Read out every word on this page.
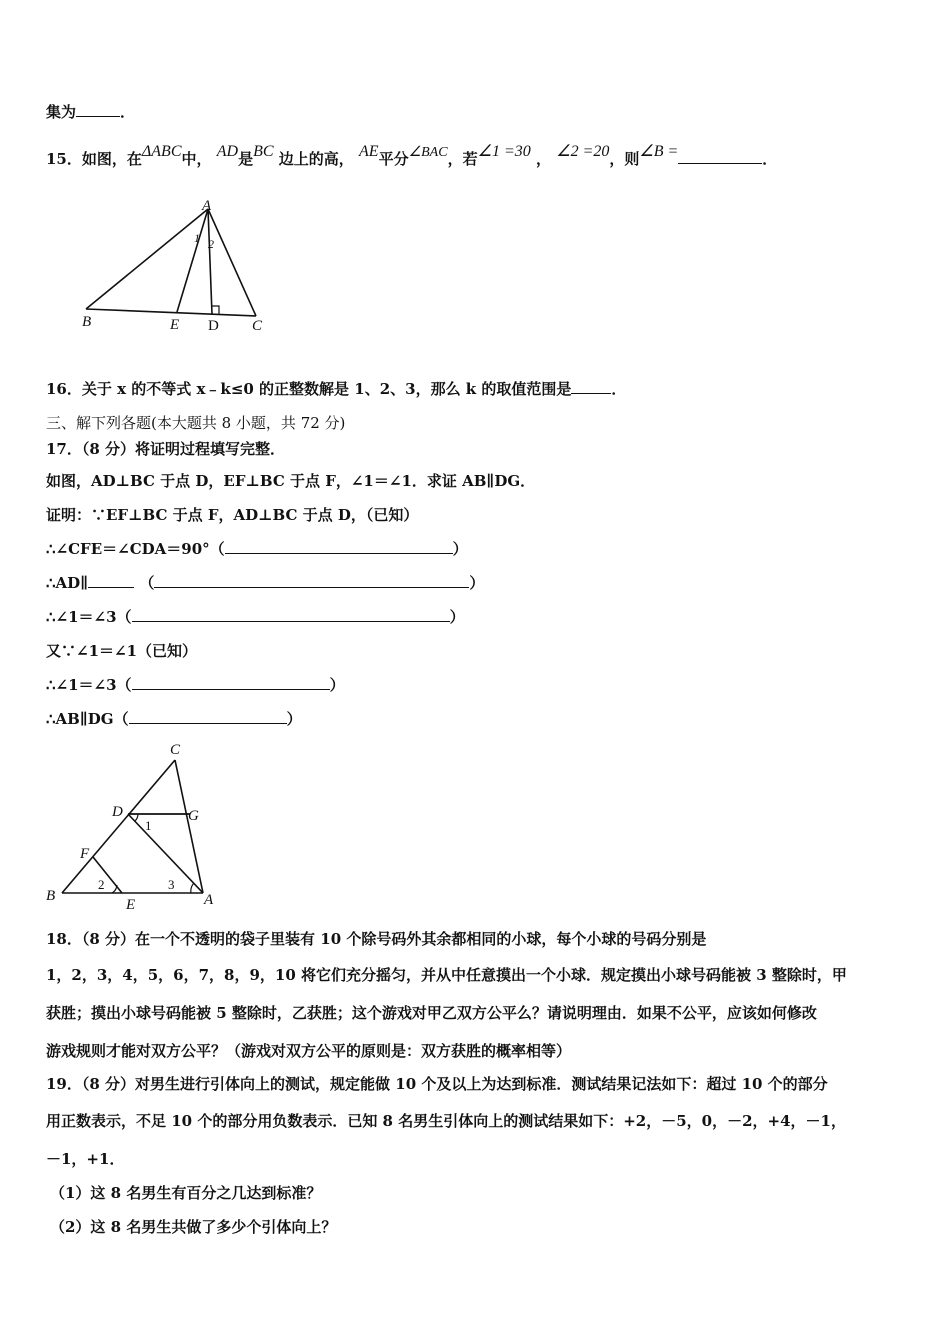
集为	．
15．如图，在ΔABC中， AD是BC 边上的高， AE平分∠BAC，若∠1 =30 ， ∠2 =20，则∠B =	．
A
B	C
D
E
1 2
16．关于 x 的不等式 x﹣k≤0 的正整数解是 1、2、3，那么 k 的取值范围是	．
三、解下列各题(本大题共 8 小题，共 72 分)
17．（8 分）将证明过程填写完整．
如图，AD⊥BC 于点 D，EF⊥BC 于点 F，∠1＝∠1．求证 AB∥DG．
证明：∵EF⊥BC 于点 F，AD⊥BC 于点 D，（已知）
∴∠CFE＝∠CDA＝90°（	）
∴AD∥	（	）
∴∠1＝∠3（	）
又∵∠1＝∠1（已知）
∴∠1＝∠3（	）
∴AB∥DG（	）
C
D	G
F
B
E	A
1
2	3
18．（8 分）在一个不透明的袋子里装有 10 个除号码外其余都相同的小球，每个小球的号码分别是
1，2，3，4，5，6，7，8，9，10 将它们充分摇匀，并从中任意摸出一个小球．规定摸出小球号码能被 3 整除时，甲
获胜；摸出小球号码能被 5 整除时，乙获胜；这个游戏对甲乙双方公平么？请说明理由．如果不公平，应该如何修改
游戏规则才能对双方公平？（游戏对双方公平的原则是：双方获胜的概率相等）
19．（8 分）对男生进行引体向上的测试，规定能做 10 个及以上为达到标准．测试结果记法如下：超过 10 个的部分
用正数表示，不足 10 个的部分用负数表示．已知 8 名男生引体向上的测试结果如下：+2，－5，0，－2，+4，－1，
－1，+1．
（1）这 8 名男生有百分之几达到标准？
（2）这 8 名男生共做了多少个引体向上？
